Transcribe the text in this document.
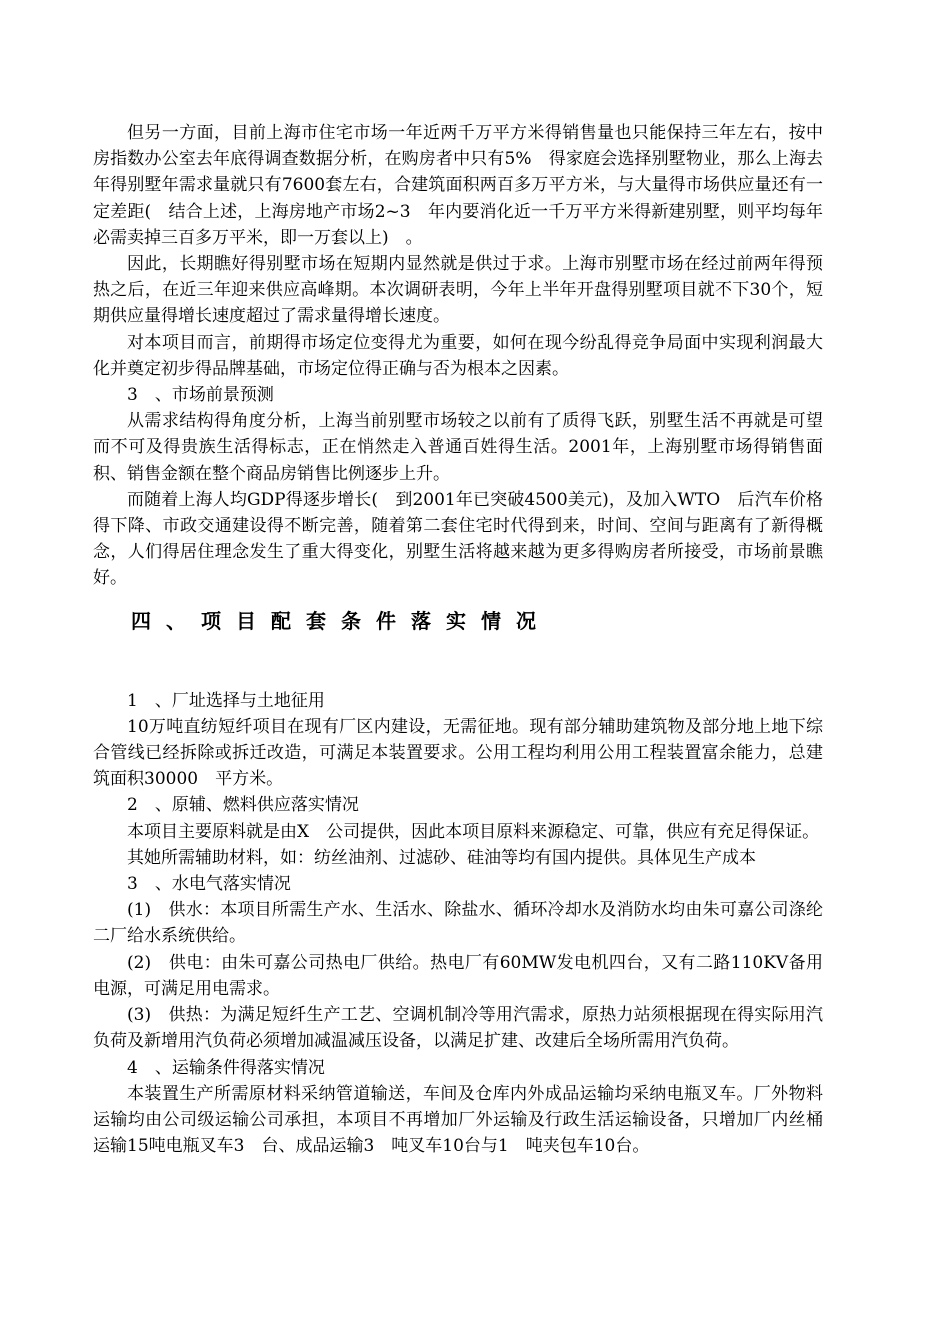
但另一方面，目前上海市住宅市场一年近两千万平方米得销售量也只能保持三年左右，按中房指数办公室去年底得调查数据分析，在购房者中只有5%　得家庭会选择别墅物业，那么上海去年得别墅年需求量就只有7600套左右，合建筑面积两百多万平方米，与大量得市场供应量还有一定差距(　结合上述，上海房地产市场2~3　年内要消化近一千万平方米得新建别墅，则平均每年必需卖掉三百多万平米，即一万套以上)　。

因此，长期瞧好得别墅市场在短期内显然就是供过于求。上海市别墅市场在经过前两年得预热之后，在近三年迎来供应高峰期。本次调研表明，今年上半年开盘得别墅项目就不下30个，短期供应量得增长速度超过了需求量得增长速度。

对本项目而言，前期得市场定位变得尤为重要，如何在现今纷乱得竞争局面中实现利润最大化并奠定初步得品牌基础，市场定位得正确与否为根本之因素。

3　、市场前景预测

从需求结构得角度分析，上海当前别墅市场较之以前有了质得飞跃，别墅生活不再就是可望而不可及得贵族生活得标志，正在悄然走入普通百姓得生活。2001年，上海别墅市场得销售面积、销售金额在整个商品房销售比例逐步上升。

而随着上海人均GDP得逐步增长(　到2001年已突破4500美元)，及加入WTO　后汽车价格得下降、市政交通建设得不断完善，随着第二套住宅时代得到来，时间、空间与距离有了新得概念，人们得居住理念发生了重大得变化，别墅生活将越来越为更多得购房者所接受，市场前景瞧好。

四、项目配套条件落实情况

1　、厂址选择与土地征用

10万吨直纺短纤项目在现有厂区内建设，无需征地。现有部分辅助建筑物及部分地上地下综合管线已经拆除或拆迁改造，可满足本装置要求。公用工程均利用公用工程装置富余能力，总建筑面积30000　平方米。

2　、原辅、燃料供应落实情况

本项目主要原料就是由X　公司提供，因此本项目原料来源稳定、可靠，供应有充足得保证。

其她所需辅助材料，如：纺丝油剂、过滤砂、硅油等均有国内提供。具体见生产成本

3　、水电气落实情况

(1)　供水：本项目所需生产水、生活水、除盐水、循环冷却水及消防水均由朱可嘉公司涤纶二厂给水系统供给。

(2)　供电：由朱可嘉公司热电厂供给。热电厂有60MW发电机四台，又有二路110KV备用电源，可满足用电需求。

(3)　供热：为满足短纤生产工艺、空调机制冷等用汽需求，原热力站须根据现在得实际用汽负荷及新增用汽负荷必须增加减温减压设备，以满足扩建、改建后全场所需用汽负荷。

4　、运输条件得落实情况

本装置生产所需原材料采纳管道输送，车间及仓库内外成品运输均采纳电瓶叉车。厂外物料运输均由公司级运输公司承担，本项目不再增加厂外运输及行政生活运输设备，只增加厂内丝桶运输15吨电瓶叉车3　台、成品运输3　吨叉车10台与1　吨夹包车10台。
